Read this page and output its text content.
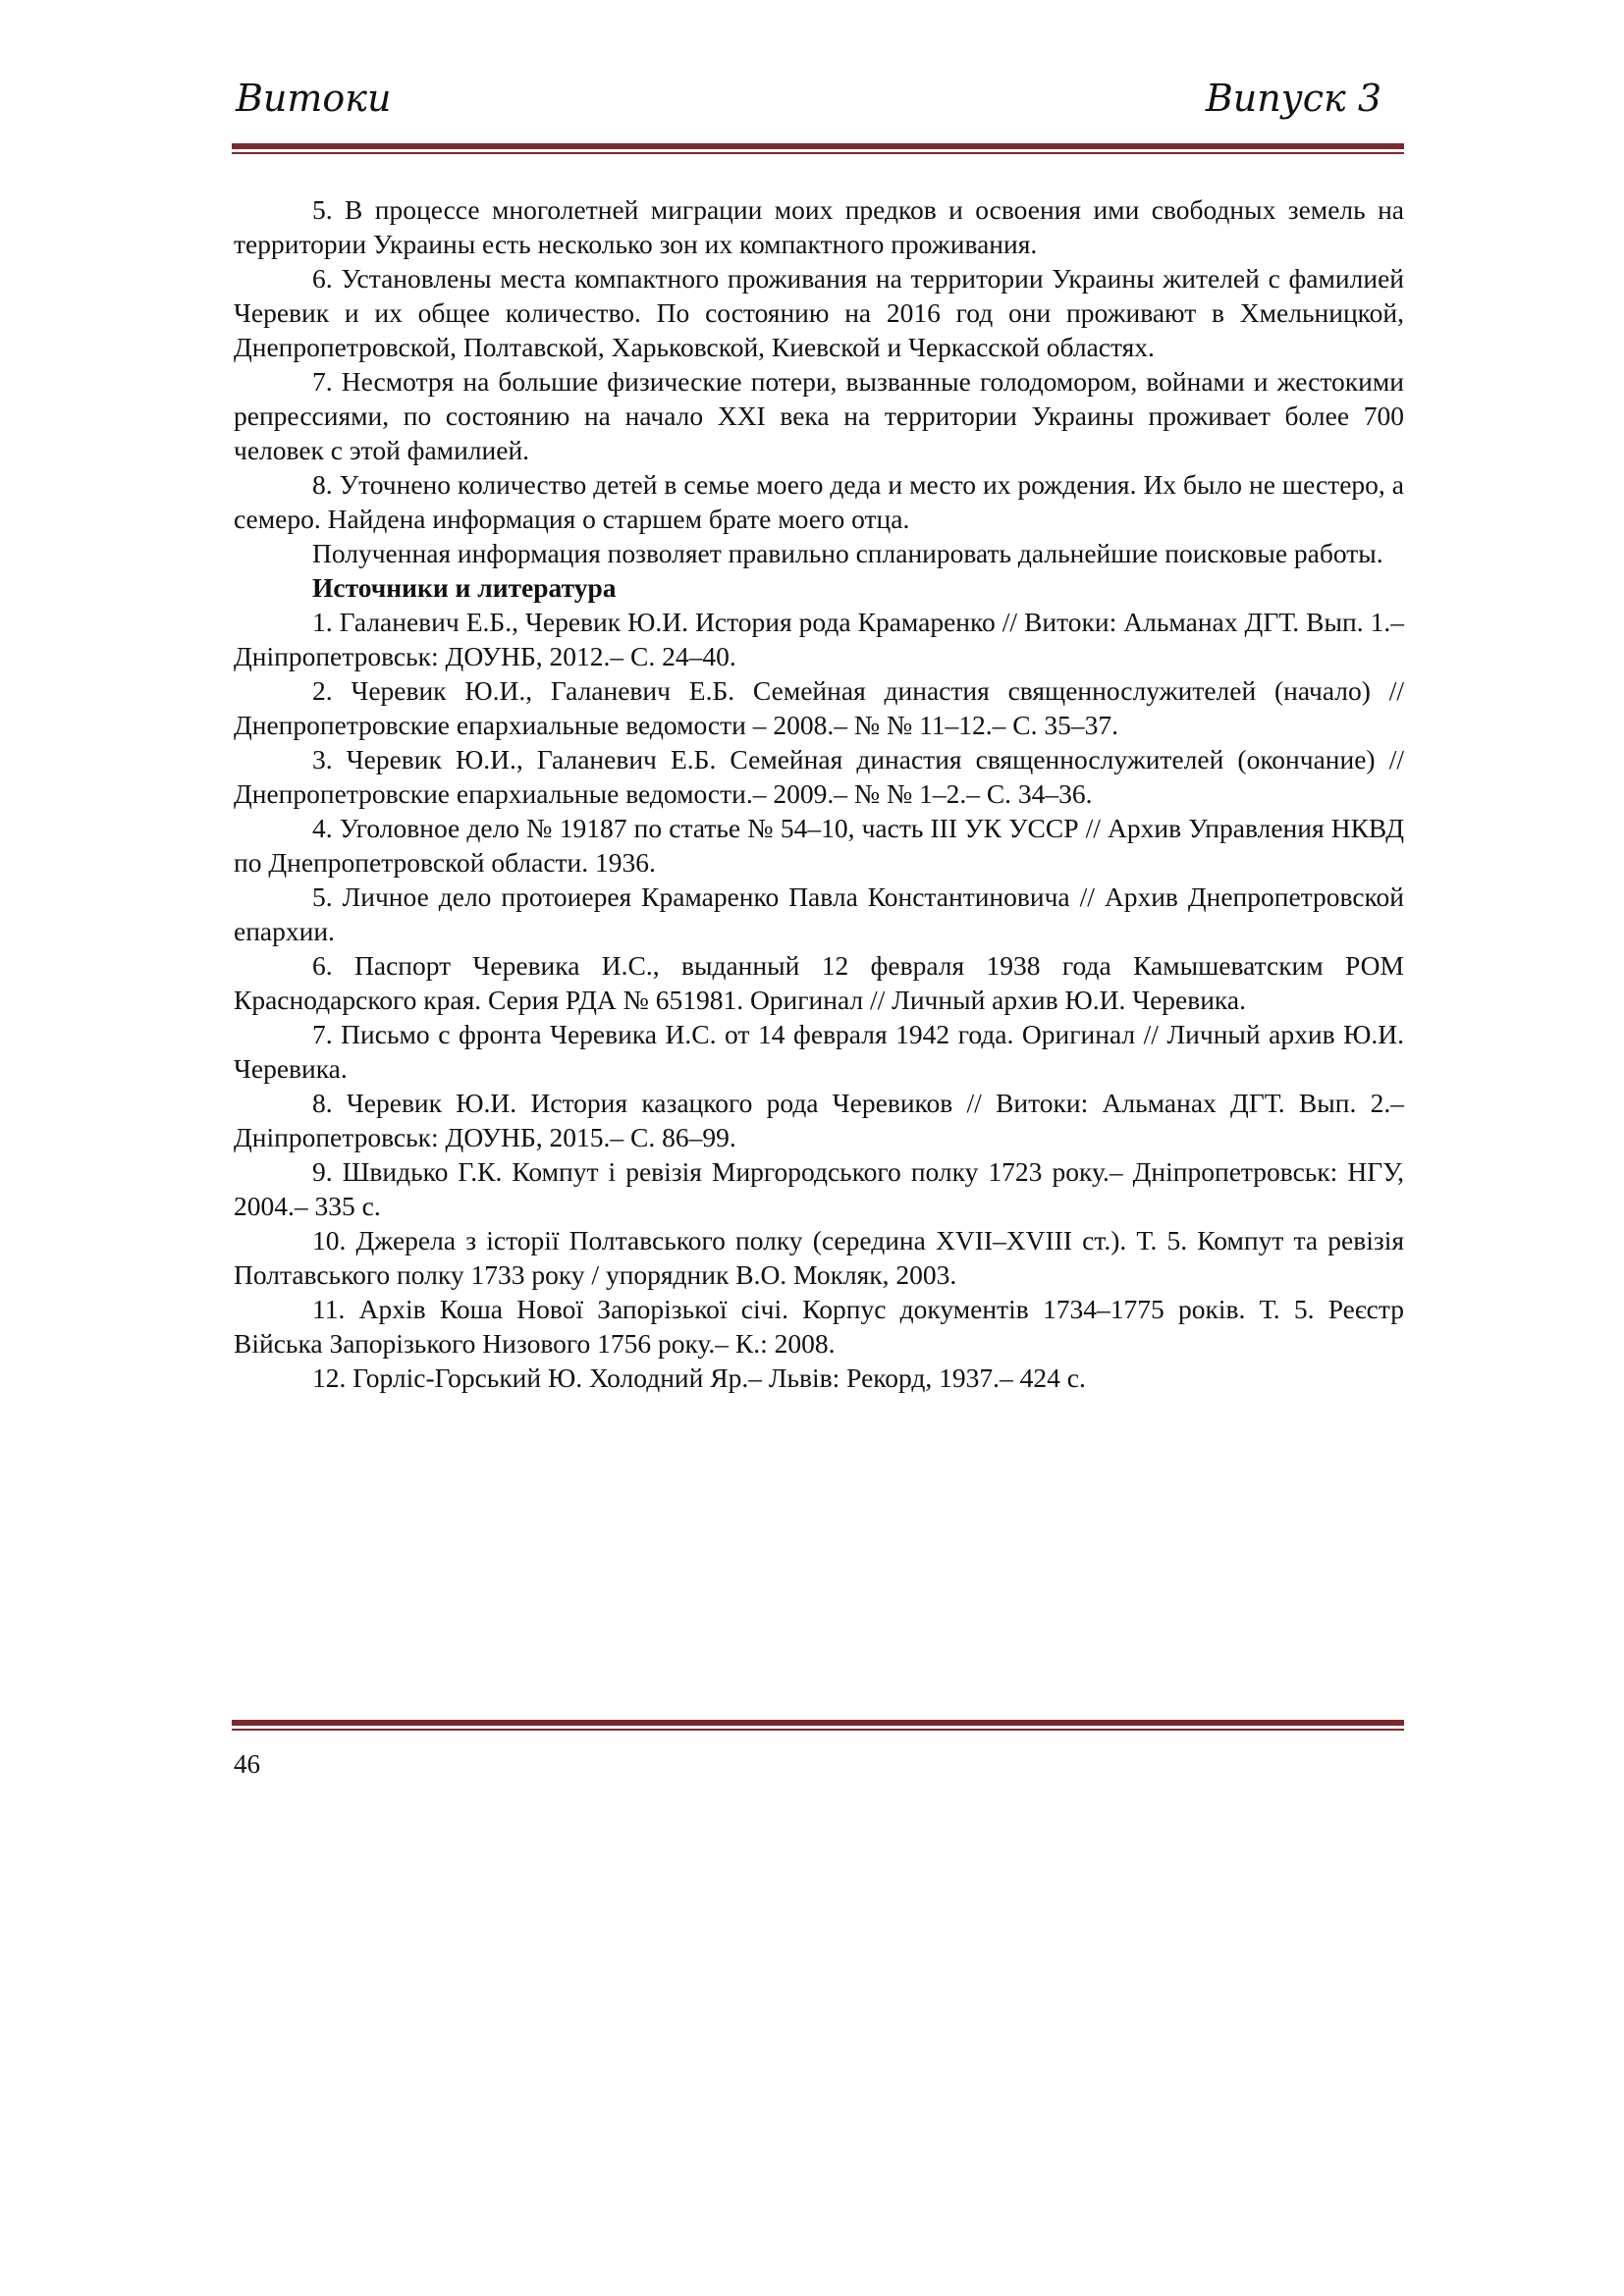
Витоки	Випуск 3

5. В процессе многолетней миграции моих предков и освоения ими свободных земель на территории Украины есть несколько зон их компактного проживания.

6. Установлены места компактного проживания на территории Украины жителей с фамилией Черевик и их общее количество. По состоянию на 2016 год они проживают в Хмельницкой, Днепропетровской, Полтавской, Харьковской, Киевской и Черкасской областях.

7. Несмотря на большие физические потери, вызванные голодомором, войнами и жестокими репрессиями, по состоянию на начало XXI века на территории Украины проживает более 700 человек с этой фамилией.

8. Уточнено количество детей в семье моего деда и место их рождения. Их было не шестеро, а семеро. Найдена информация о старшем брате моего отца.

Полученная информация позволяет правильно спланировать дальнейшие поисковые работы.

Источники и литература

1. Галаневич Е.Б., Черевик Ю.И. История рода Крамаренко // Витоки: Альманах ДГТ. Вып. 1.– Дніпропетровськ: ДОУНБ, 2012.– С. 24–40.
2. Черевик Ю.И., Галаневич Е.Б. Семейная династия священнослужителей (начало) // Днепропетровские епархиальные ведомости – 2008.– № № 11–12.– С. 35–37.
3. Черевик Ю.И., Галаневич Е.Б. Семейная династия священнослужителей (окончание) // Днепропетровские епархиальные ведомости.– 2009.– № № 1–2.– С. 34–36.
4. Уголовное дело № 19187 по статье № 54–10, часть III УК УССР // Архив Управления НКВД по Днепропетровской области. 1936.
5. Личное дело протоиерея Крамаренко Павла Константиновича // Архив Днепропетровской епархии.
6. Паспорт Черевика И.С., выданный 12 февраля 1938 года Камышеватским РОМ Краснодарского края. Серия РДА № 651981. Оригинал // Личный архив Ю.И. Черевика.
7. Письмо с фронта Черевика И.С. от 14 февраля 1942 года. Оригинал // Личный архив Ю.И. Черевика.
8. Черевик Ю.И. История казацкого рода Черевиков // Витоки: Альманах ДГТ. Вып. 2.– Дніпропетровськ: ДОУНБ, 2015.– С. 86–99.
9. Швидько Г.К. Компут і ревізія Миргородського полку 1723 року.– Дніпропетровськ: НГУ, 2004.– 335 с.
10. Джерела з історії Полтавського полку (середина XVII–XVIII ст.). Т. 5. Компут та ревізія Полтавського полку 1733 року / упорядник В.О. Мокляк, 2003.
11. Архів Коша Нової Запорізької січі. Корпус документів 1734–1775 років. Т. 5. Реєстр Війська Запорізького Низового 1756 року.– К.: 2008.
12. Горліс-Горський Ю. Холодний Яр.– Львів: Рекорд, 1937.– 424 с.
46
